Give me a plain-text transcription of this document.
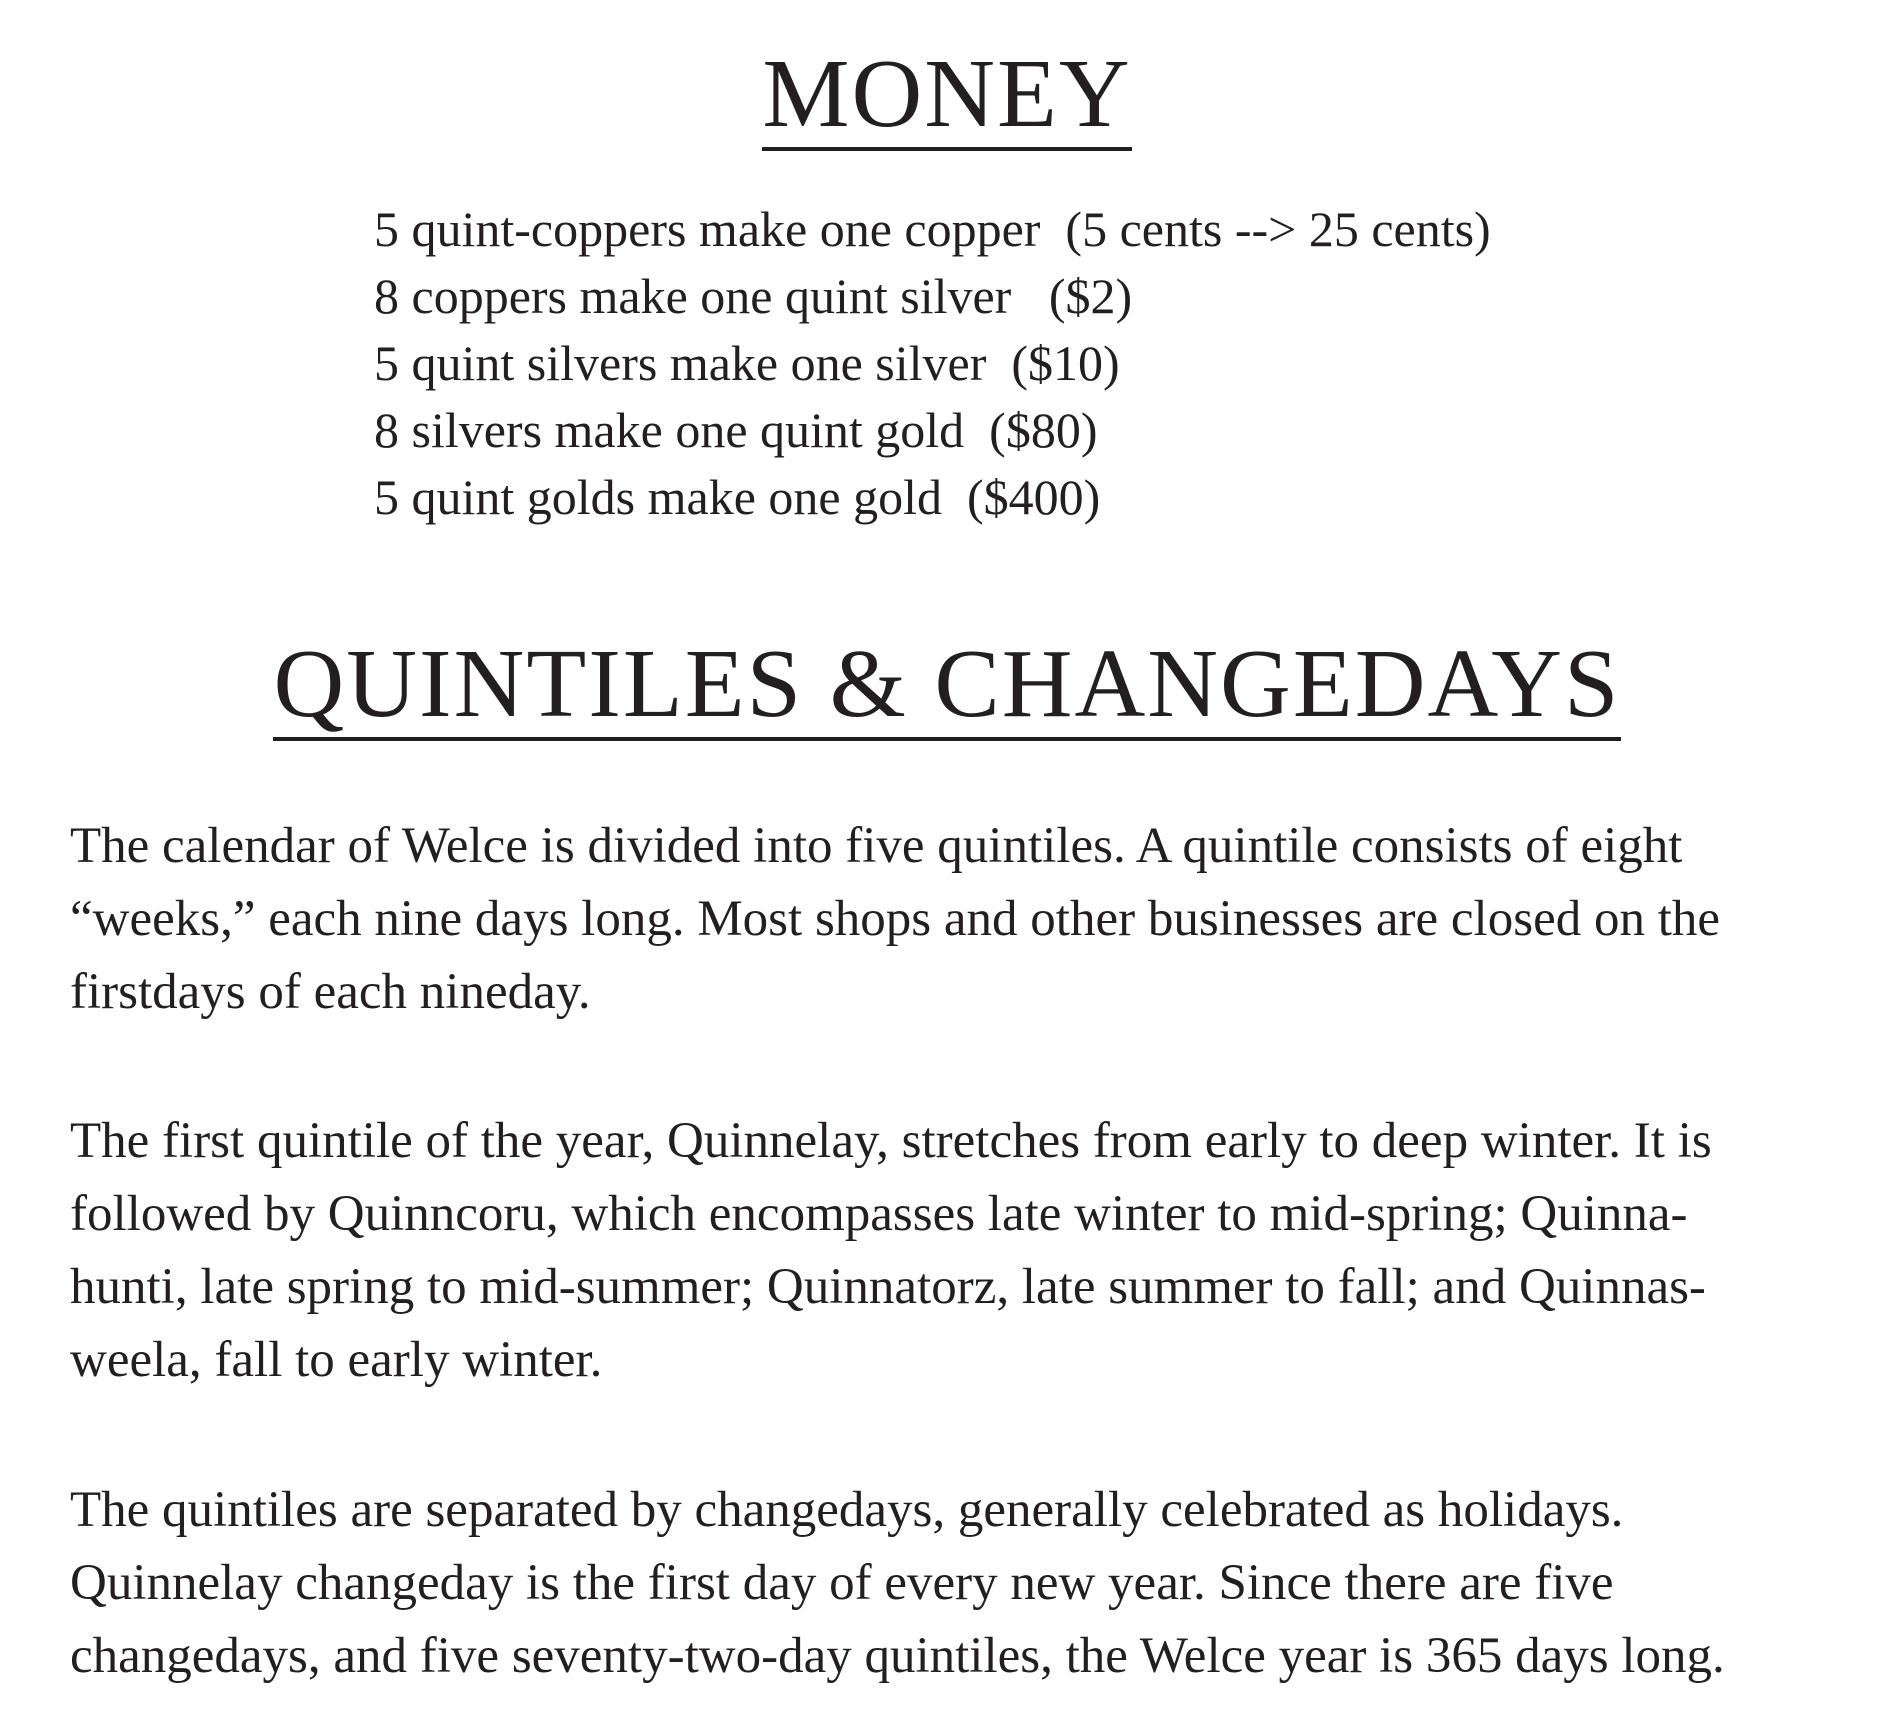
MONEY
5 quint-coppers make one copper  (5 cents --> 25 cents)
8 coppers make one quint silver   ($2)
5 quint silvers make one silver  ($10)
8 silvers make one quint gold  ($80)
5 quint golds make one gold  ($400)
QUINTILES & CHANGEDAYS

The calendar of Welce is divided into five quintiles. A quintile consists of eight
“weeks,” each nine days long. Most shops and other businesses are closed on the
firstdays of each nineday.

The first quintile of the year, Quinnelay, stretches from early to deep winter. It is
followed by Quinncoru, which encompasses late winter to mid-spring; Quinna-
hunti, late spring to mid-summer; Quinnatorz, late summer to fall; and Quinnas-
weela, fall to early winter.

The quintiles are separated by changedays, generally celebrated as holidays.
Quinnelay changeday is the first day of every new year. Since there are five
changedays, and five seventy-two-day quintiles, the Welce year is 365 days long.
